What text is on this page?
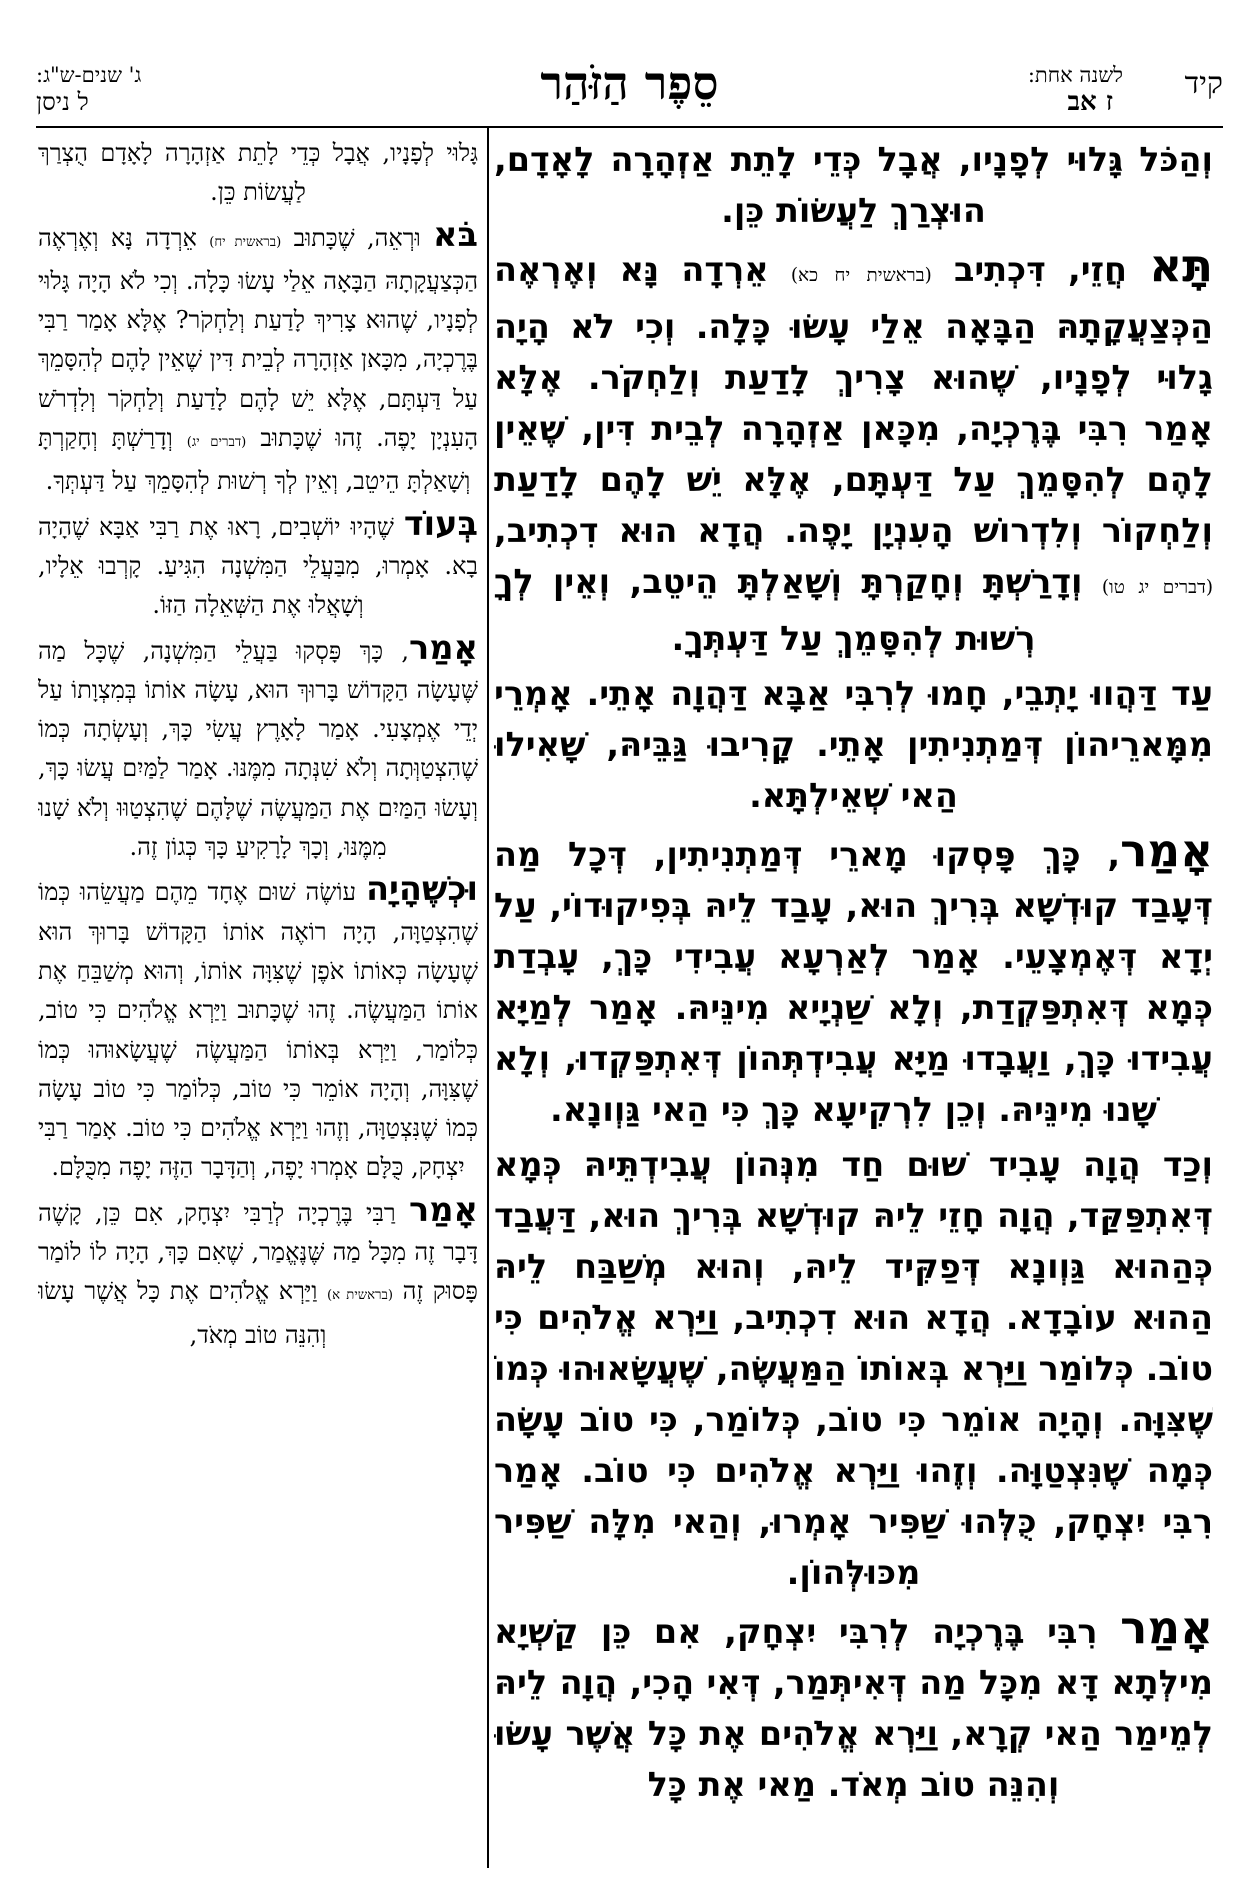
קיד
לשנה אחת:
ז אב
סֵפֶר הַזֹּהַר
ג' שנים-ש"ג:
ל ניסן

וְהַכֹּל גָּלוּי לְפָנָיו, אֲבָל כְּדֵי לָתֵת אַזְהָרָה לָאָדָם, הוּצְרַךְ לַעֲשׂוֹת כֵּן.

תָּא חֲזֵי, דִּכְתִיב (בראשית יח כא) אֵרְדָה נָּא וְאֶרְאֶה הַכְּצַעֲקָתָהּ הַבָּאָה אֵלַי עָשׂוּ כָּלָה. וְכִי לֹא הָיָה גָלוּי לְפָנָיו, שֶׁהוּא צָרִיךְ לָדַעַת וְלַחְקֹר. אֶלָּא אָמַר רִבִּי בֶּרֶכְיָה, מִכָּאן אַזְהָרָה לְבֵית דִּין, שֶׁאֵין לָהֶם לְהִסָּמֵךְ עַל דַּעְתָּם, אֶלָּא יֵשׁ לָהֶם לָדַעַת וְלַחְקוֹר וְלִדְרוֹשׁ הָעִנְיָן יָפֶה. הֲדָא הוּא דִכְתִיב, (דברים יג טו) וְדָרַשְׁתָּ וְחָקַרְתָּ וְשָׁאַלְתָּ הֵיטֵב, וְאֵין לְךָ רְשׁוּת לְהִסָּמֵךְ עַל דַּעְתְּךָ.

עַד דַּהֲווּ יָתְבֵי, חָמוּ לְרִבִּי אַבָּא דַּהֲוָה אָתֵי. אָמְרֵי מִמָּארֵיהוֹן דְּמַתְנִיתִין אָתֵי. קָרִיבוּ גַּבֵּיהּ, שָׁאִילוּ הַאי שְׁאֵילְתָּא.

אָמַר, כָּךְ פָּסְקוּ מָארֵי דְּמַתְנִיתִין, דְּכָל מַה דְּעָבַד קוּדְשָׁא בְּרִיךְ הוּא, עָבַד לֵיהּ בְּפִיקוּדוֹי, עַל יְדָא דְּאֶמְצָעֵי. אָמַר לְאַרְעָא עֲבִידִי כָּךְ, עָבְדַת כְּמָא דְּאִתְפַּקְדַת, וְלָא שַׁנְיָיא מִינֵּיהּ. אָמַר לְמַיָּא עֲבִידוּ כָּךְ, וַעֲבָדוּ מַיָּא עֲבִידְתְּהוֹן דְּאִתְפַּקְדוּ, וְלָא שָׁנוּ מִינֵּיהּ. וְכֵן לִרְקִיעָא כָּךְ כִּי הַאי גַּוְונָא.

וְכַד הֲוָה עָבִיד שׁוּם חַד מִנְּהוֹן עֲבִידְתֵּיהּ כְּמָא דְּאִתְפַּקַּד, הֲוָה חָזֵי לֵיהּ קוּדְשָׁא בְּרִיךְ הוּא, דַּעֲבַד כְּהַהוּא גַּוְונָא דְּפַקִּיד לֵיהּ, וְהוּא מְשַׁבַּח לֵיהּ הַהוּא עוֹבָדָא. הֲדָא הוּא דִכְתִיב, וַיַּרְא אֱלֹהִים כִּי טוֹב. כְּלוֹמַר וַיַּרְא בְּאוֹתוֹ הַמַּעֲשֶׂה, שֶׁעֲשָׂאוּהוּ כְּמוֹ שֶׁצִּוָּה. וְהָיָה אוֹמֵר כִּי טוֹב, כְּלוֹמַר, כִּי טוֹב עָשָׂה כְּמָה שֶׁנִּצְטַוָּה. וְזֶהוּ וַיַּרְא אֱלֹהִים כִּי טוֹב. אָמַר רִבִּי יִצְחָק, כֻּלְּהוּ שַׁפִּיר אָמְרוּ, וְהַאי מִלָּה שַׁפִּיר מִכּוּלְּהוֹן.

אָמַר רִבִּי בֶּרֶכְיָה לְרִבִּי יִצְחָק, אִם כֵּן קַשְׁיָא מִילְּתָא דָּא מִכָּל מַה דְּאִיתְּמַר, דְּאִי הָכִי, הֲוָה לֵיהּ לְמֵימַר הַאי קְרָא, וַיַּרְא אֱלֹהִים אֶת כָּל אֲשֶׁר עָשׂוּ וְהִנֵּה טוֹב מְאֹד. מַאי אֶת כָּל

גָּלוּי לְפָנָיו, אֲבָל כְּדֵי לָתֵת אַזְהָרָה לָאָדָם הֻצְרַךְ לַעֲשׂוֹת כֵּן.

בֹּא וּרְאֵה, שֶׁכָּתוּב (בראשית יח) אֵרְדָה נָּא וְאֶרְאֶה הַכְּצַעֲקָתָהּ הַבָּאָה אֵלַי עָשׂוּ כָּלָה. וְכִי לֹא הָיָה גָּלוּי לְפָנָיו, שֶׁהוּא צָרִיךְ לָדַעַת וְלַחְקֹר? אֶלָּא אָמַר רַבִּי בֶּרֶכְיָה, מִכָּאן אַזְהָרָה לְבֵית דִּין שֶׁאֵין לָהֶם לְהִסָּמֵךְ עַל דַּעְתָּם, אֶלָּא יֵשׁ לָהֶם לָדַעַת וְלַחְקֹר וְלִדְרֹשׁ הָעִנְיָן יָפֶה. זֶהוּ שֶׁכָּתוּב (דברים יג) וְדָרַשְׁתָּ וְחָקַרְתָּ וְשָׁאַלְתָּ הֵיטֵב, וְאֵין לְךָ רְשׁוּת לְהִסָּמֵךְ עַל דַּעְתְּךָ.

בְּעוֹד שֶׁהָיוּ יוֹשְׁבִים, רָאוּ אֶת רַבִּי אַבָּא שֶׁהָיָה בָא. אָמְרוּ, מִבַּעֲלֵי הַמִּשְׁנָה הִגִּיעַ. קָרְבוּ אֵלָיו, וְשָׁאֲלוּ אֶת הַשְּׁאֵלָה הַזּוֹ.

אָמַר, כָּךְ פָּסְקוּ בַּעֲלֵי הַמִּשְׁנָה, שֶׁכָּל מַה שֶּׁעָשָׂה הַקָּדוֹשׁ בָּרוּךְ הוּא, עָשָׂה אוֹתוֹ בְּמִצְוָתוֹ עַל יְדֵי אֶמְצָעִי. אָמַר לָאָרֶץ עֲשִׂי כָּךְ, וְעָשְׂתָה כְּמוֹ שֶׁהִצְטַוְּתָה וְלֹא שִׁנְּתָה מִמֶּנּוּ. אָמַר לַמַּיִם עֲשׂוּ כָּךְ, וְעָשׂוּ הַמַּיִם אֶת הַמַּעֲשֶׂה שֶׁלָּהֶם שֶׁהִצְטַוּוּ וְלֹא שָׁנוּ מִמֶּנּוּ, וְכָךְ לָרָקִיעַ כָּךְ כְּגוֹן זֶה.

וּכְשֶׁהָיָה עוֹשֶׂה שׁוּם אֶחָד מֵהֶם מַעֲשֵׂהוּ כְּמוֹ שֶׁהִצְטַוָּה, הָיָה רוֹאֶה אוֹתוֹ הַקָּדוֹשׁ בָּרוּךְ הוּא שֶׁעָשָׂה כְּאוֹתוֹ אֹפֶן שֶׁצִּוָּה אוֹתוֹ, וְהוּא מְשַׁבֵּחַ אֶת אוֹתוֹ הַמַּעֲשֶׂה. זֶהוּ שֶׁכָּתוּב וַיַּרְא אֱלֹהִים כִּי טוֹב, כְּלוֹמַר, וַיַּרְא בְּאוֹתוֹ הַמַּעֲשֶׂה שֶׁעֲשָׂאוּהוּ כְּמוֹ שֶׁצִּוָּה, וְהָיָה אוֹמֵר כִּי טוֹב, כְּלוֹמַר כִּי טוֹב עָשָׂה כְּמוֹ שֶׁנִּצְטַוָּה, וְזֶהוּ וַיַּרְא אֱלֹהִים כִּי טוֹב. אָמַר רַבִּי יִצְחָק, כֻּלָּם אָמְרוּ יָפֶה, וְהַדָּבָר הַזֶּה יָפֶה מִכֻּלָּם.

אָמַר רַבִּי בֶּרֶכְיָה לְרַבִּי יִצְחָק, אִם כֵּן, קָשֶׁה דָּבָר זֶה מִכָּל מַה שֶּׁנֶּאֱמַר, שֶׁאִם כָּךְ, הָיָה לוֹ לוֹמַר פָּסוּק זֶה (בראשית א) וַיַּרְא אֱלֹהִים אֶת כָּל אֲשֶׁר עָשׂוּ וְהִנֵּה טוֹב מְאֹד,
